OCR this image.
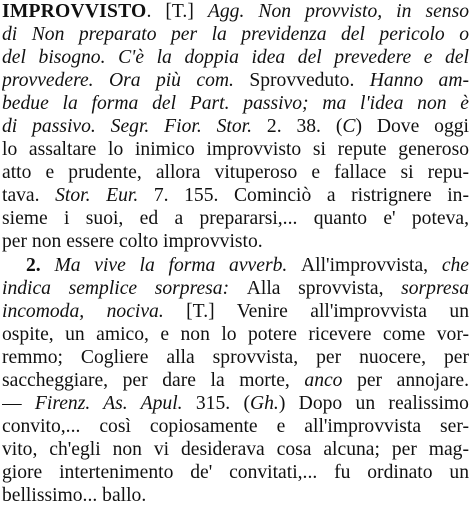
IMPROVVISTO. [T.] Agg. Non provvisto, in senso
di Non preparato per la previdenza del pericolo o
del bisogno. C'è la doppia idea del prevedere e del
provvedere. Ora più com. Sprovveduto. Hanno am-
bedue la forma del Part. passivo; ma l'idea non è
di passivo. Segr. Fior. Stor. 2. 38. (C) Dove oggi
lo assaltare lo inimico improvvisto si repute generoso
atto e prudente, allora vituperoso e fallace si repu-
tava. Stor. Eur. 7. 155. Cominciò a ristrignere in-
sieme i suoi, ed a prepararsi,... quanto e' poteva,
per non essere colto improvvisto.
2. Ma vive la forma avverb. All'improvvista, che
indica semplice sorpresa: Alla sprovvista, sorpresa
incomoda, nociva. [T.] Venire all'improvvista un
ospite, un amico, e non lo potere ricevere come vor-
remmo; Cogliere alla sprovvista, per nuocere, per
saccheggiare, per dare la morte, anco per annojare.
— Firenz. As. Apul. 315. (Gh.) Dopo un realissimo
convito,... così copiosamente e all'improvvista ser-
vito, ch'egli non vi desiderava cosa alcuna; per mag-
giore intertenimento de' convitati,... fu ordinato un
bellissimo... ballo.
